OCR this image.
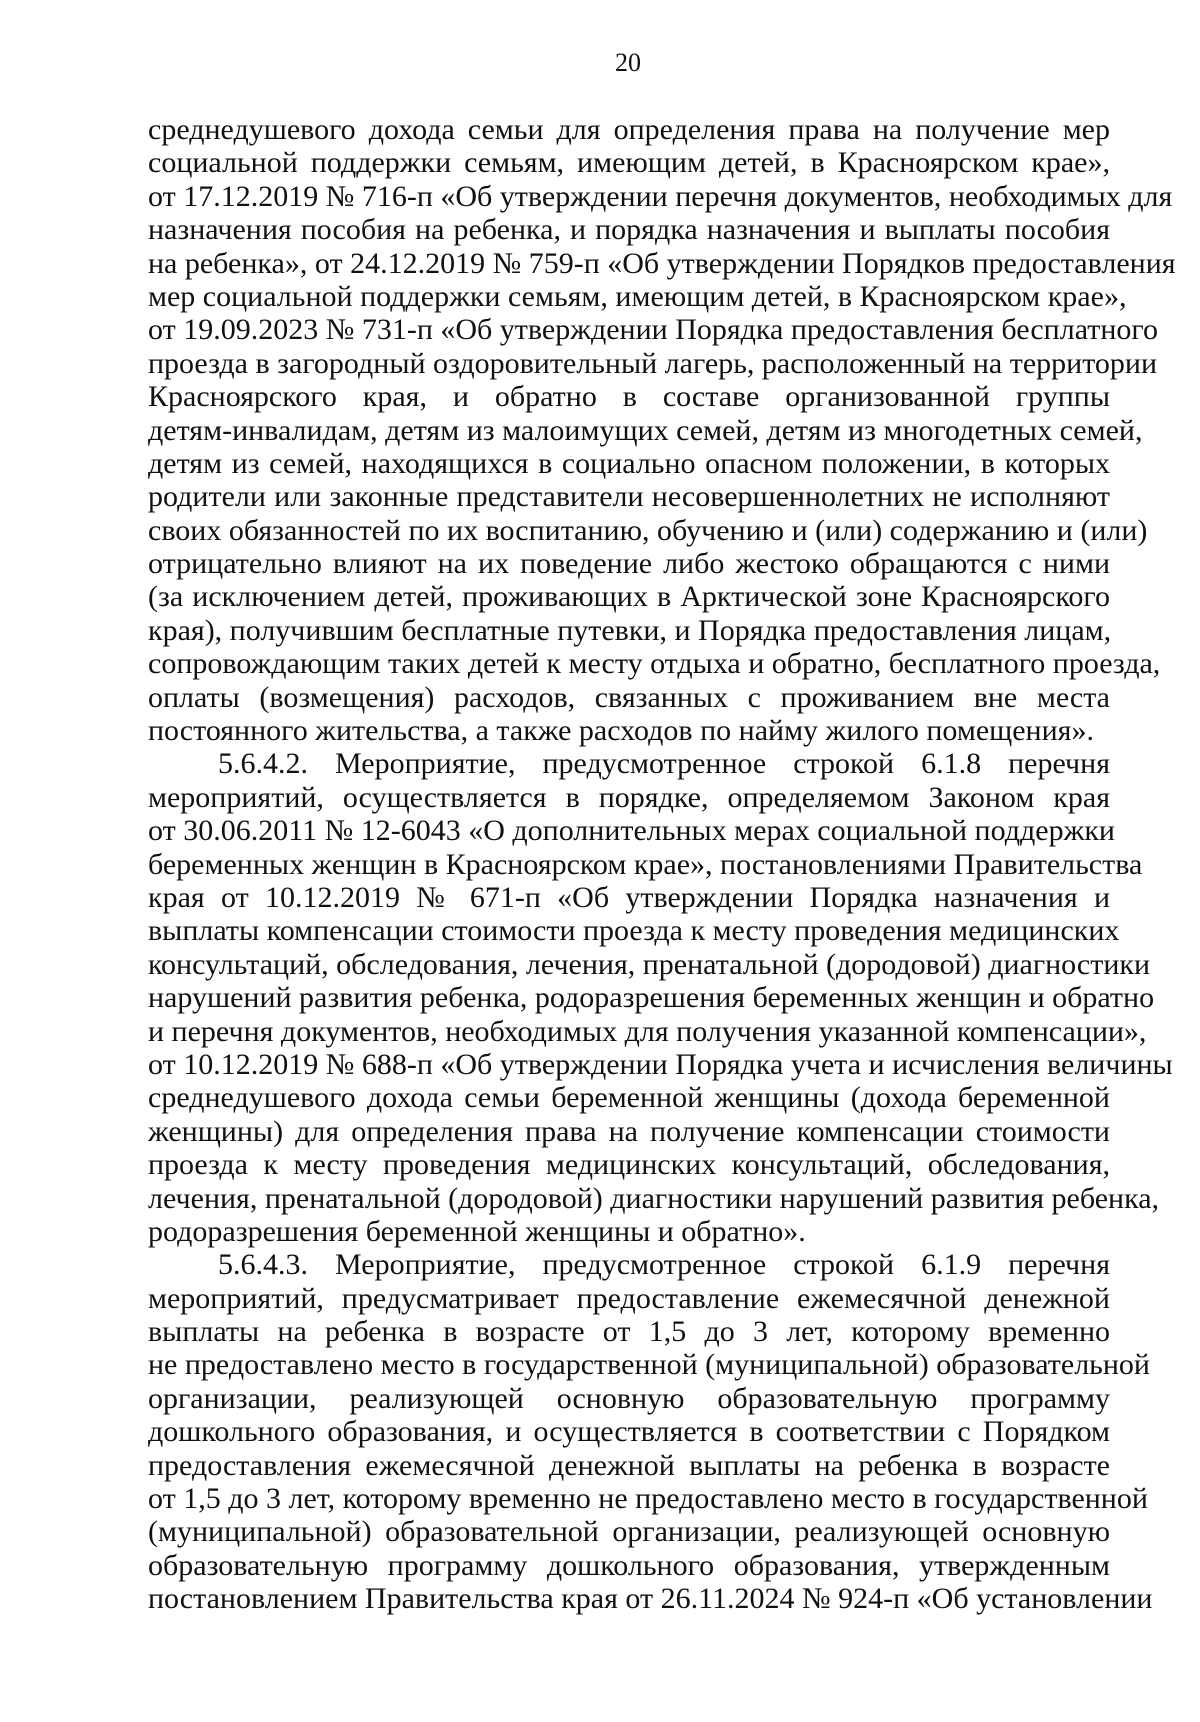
20
среднедушевого дохода семьи для определения права на получение мер
социальной поддержки семьям, имеющим детей, в Красноярском крае»,
от 17.12.2019 № 716-п «Об утверждении перечня документов, необходимых для
назначения пособия на ребенка, и порядка назначения и выплаты пособия
на ребенка», от 24.12.2019 № 759-п «Об утверждении Порядков предоставления
мер социальной поддержки семьям, имеющим детей, в Красноярском крае»,
от 19.09.2023 № 731-п «Об утверждении Порядка предоставления бесплатного
проезда в загородный оздоровительный лагерь, расположенный на территории
Красноярского края, и обратно в составе организованной группы
детям-инвалидам, детям из малоимущих семей, детям из многодетных семей,
детям из семей, находящихся в социально опасном положении, в которых
родители или законные представители несовершеннолетних не исполняют
своих обязанностей по их воспитанию, обучению и (или) содержанию и (или)
отрицательно влияют на их поведение либо жестоко обращаются с ними
(за исключением детей, проживающих в Арктической зоне Красноярского
края), получившим бесплатные путевки, и Порядка предоставления лицам,
сопровождающим таких детей к месту отдыха и обратно, бесплатного проезда,
оплаты (возмещения) расходов, связанных с проживанием вне места
постоянного жительства, а также расходов по найму жилого помещения».
5.6.4.2. Мероприятие, предусмотренное строкой 6.1.8 перечня
мероприятий, осуществляется в порядке, определяемом Законом края
от 30.06.2011 № 12-6043 «О дополнительных мерах социальной поддержки
беременных женщин в Красноярском крае», постановлениями Правительства
края от 10.12.2019 № 671-п «Об утверждении Порядка назначения и
выплаты компенсации стоимости проезда к месту проведения медицинских
консультаций, обследования, лечения, пренатальной (дородовой) диагностики
нарушений развития ребенка, родоразрешения беременных женщин и обратно
и перечня документов, необходимых для получения указанной компенсации»,
от 10.12.2019 № 688-п «Об утверждении Порядка учета и исчисления величины
среднедушевого дохода семьи беременной женщины (дохода беременной
женщины) для определения права на получение компенсации стоимости
проезда к месту проведения медицинских консультаций, обследования,
лечения, пренатальной (дородовой) диагностики нарушений развития ребенка,
родоразрешения беременной женщины и обратно».
5.6.4.3. Мероприятие, предусмотренное строкой 6.1.9 перечня
мероприятий, предусматривает предоставление ежемесячной денежной
выплаты на ребенка в возрасте от 1,5 до 3 лет, которому временно
не предоставлено место в государственной (муниципальной) образовательной
организации, реализующей основную образовательную программу
дошкольного образования, и осуществляется в соответствии с Порядком
предоставления ежемесячной денежной выплаты на ребенка в возрасте
от 1,5 до 3 лет, которому временно не предоставлено место в государственной
(муниципальной) образовательной организации, реализующей основную
образовательную программу дошкольного образования, утвержденным
постановлением Правительства края от 26.11.2024 № 924-п «Об установлении
